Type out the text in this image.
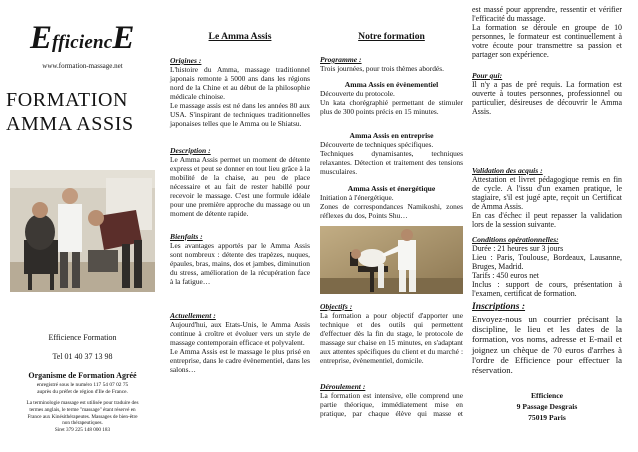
EfficiencE
www.formation-massage.net
FORMATION
AMMA ASSIS
Efficience Formation
Tel 01 40 37 13 98
Organisme de Formation Agréé
enregistré sous le numéro 117 54 07 02 75
auprès du préfet de région d'Ile de France.
La terminologie massage est utilisée pour traduire des
termes anglais, le terme "massage" étant réservé en
France aux Kinésithérapeutes. Massages de bien-être
non thérapeutiques.
Siret 379 225 148 000 183
Le Amma Assis
Origines :

L'histoire du Amma, massage traditionnel japonais remonte à 5000 ans dans les régions nord de la Chine et au début de la philosophie médicale chinoise.

Le massage assis est né dans les années 80 aux USA. S'inspirant de techniques traditionnelles japonaises telles que le Amma ou le Shiatsu.

Description :

Le Amma Assis permet un moment de détente express et peut se donner en tout lieu grâce à la mobilité de la chaise, au peu de place nécessaire et au fait de rester habillé pour recevoir le massage. C'est une formule idéale pour une première approche du massage ou un moment de détente rapide.

Bienfaits :

Les avantages apportés par le Amma Assis sont nombreux : détente des trapèzes, nuques, épaules, bras, mains, dos et jambes, diminution du stress, amélioration de la récupération face à la fatigue…

Actuellement :

Aujourd'hui, aux Etats-Unis, le Amma Assis continue à croître et évoluer vers un style de massage contemporain efficace et polyvalent.

Le Amma Assis est le massage le plus prisé en entreprise, dans le cadre évènementiel, dans les salons…

Notre formation
Programme :
Trois journées, pour trois thèmes abordés.
Amma Assis en évènementiel

Découverte du protocole.

Un kata chorégraphié permettant de stimuler plus de 300 points précis en 15 minutes.

Amma Assis en entreprise

Découverte de techniques spécifiques.

Techniques dynamisantes, techniques relaxantes. Détection et traitement des tensions musculaires.

Amma Assis et énergétique

Initiation à l'énergétique.

Zones de correspondances Namikoshi, zones réflexes du dos, Points Shu…

Objectifs :

La formation a pour objectif d'apporter une technique et des outils qui permettent d'effectuer dès la fin du stage, le protocole de massage sur chaise en 15 minutes, en s'adaptant aux attentes spécifiques du client et du marché : entreprise, évènementiel, domicile.

Déroulement :

La formation est intensive, elle comprend une partie théorique, immédiatement mise en pratique, par chaque élève qui masse et

est massé pour apprendre, ressentir et vérifier l'efficacité du massage.

La formation se déroule en groupe de 10 personnes, le formateur est continuellement à votre écoute pour transmettre sa passion et partager son expérience.

Pour qui:

Il n'y a pas de pré requis. La formation est ouverte à toutes personnes, professionnel ou particulier, désireuses de découvrir le Amma Assis.

Validation des acquis :

Attestation et livret pédagogique remis en fin de cycle. A l'issu d'un examen pratique, le stagiaire, s'il est jugé apte, reçoit un Certificat de Amma Assis.

En cas d'échec il peut repasser la validation lors de la session suivante.

Conditions opérationnelles:

Durée : 21 heures sur 3 jours

Lieu : Paris, Toulouse, Bordeaux, Lausanne, Bruges, Madrid.

Tarifs : 450 euros net

Inclus : support de cours, présentation à l'examen, certificat de formation.

Inscriptions :

Envoyez-nous un courrier précisant la discipline, le lieu et les dates de la formation, vos noms, adresse et E-mail et joignez un chèque de 70 euros d'arrhes à l'ordre de Efficience pour effectuer la réservation.

Efficience
9 Passage Desgrais
75019 Paris
